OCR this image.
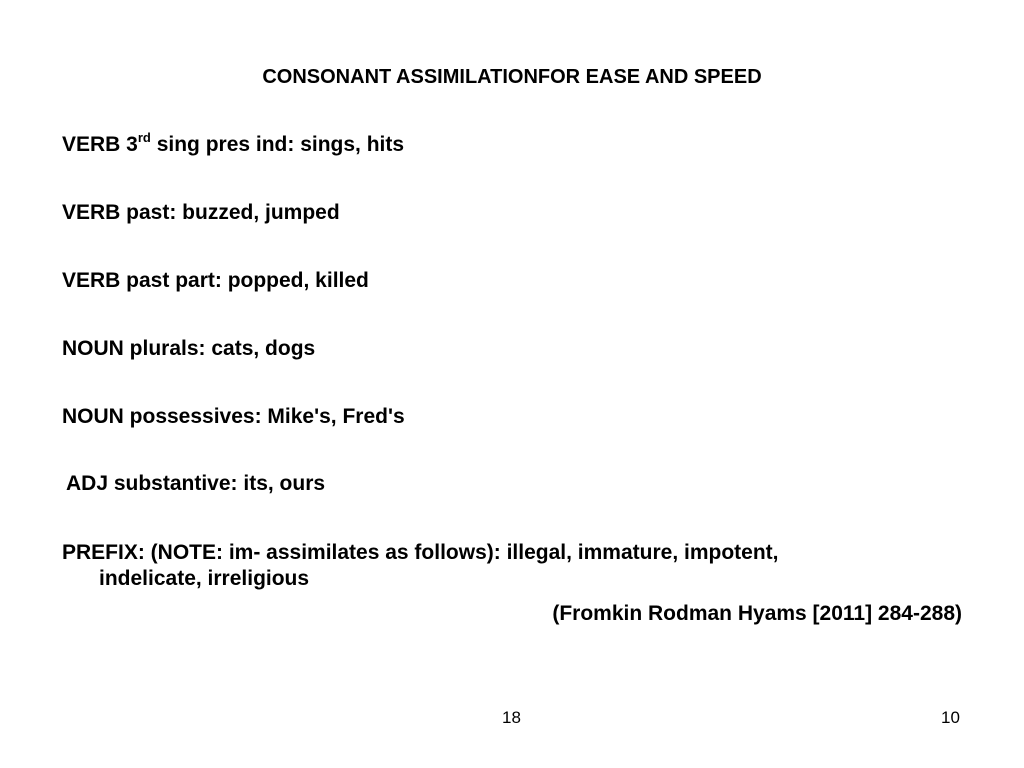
CONSONANT ASSIMILATIONFOR EASE AND SPEED

VERB 3rd sing pres ind: sings, hits

VERB past: buzzed, jumped

VERB past part: popped, killed

NOUN plurals: cats, dogs

NOUN possessives: Mike's, Fred's

ADJ substantive: its, ours

PREFIX: (NOTE: im- assimilates as follows): illegal, immature, impotent,
indelicate, irreligious

(Fromkin Rodman Hyams [2011] 284-288)

18	10
